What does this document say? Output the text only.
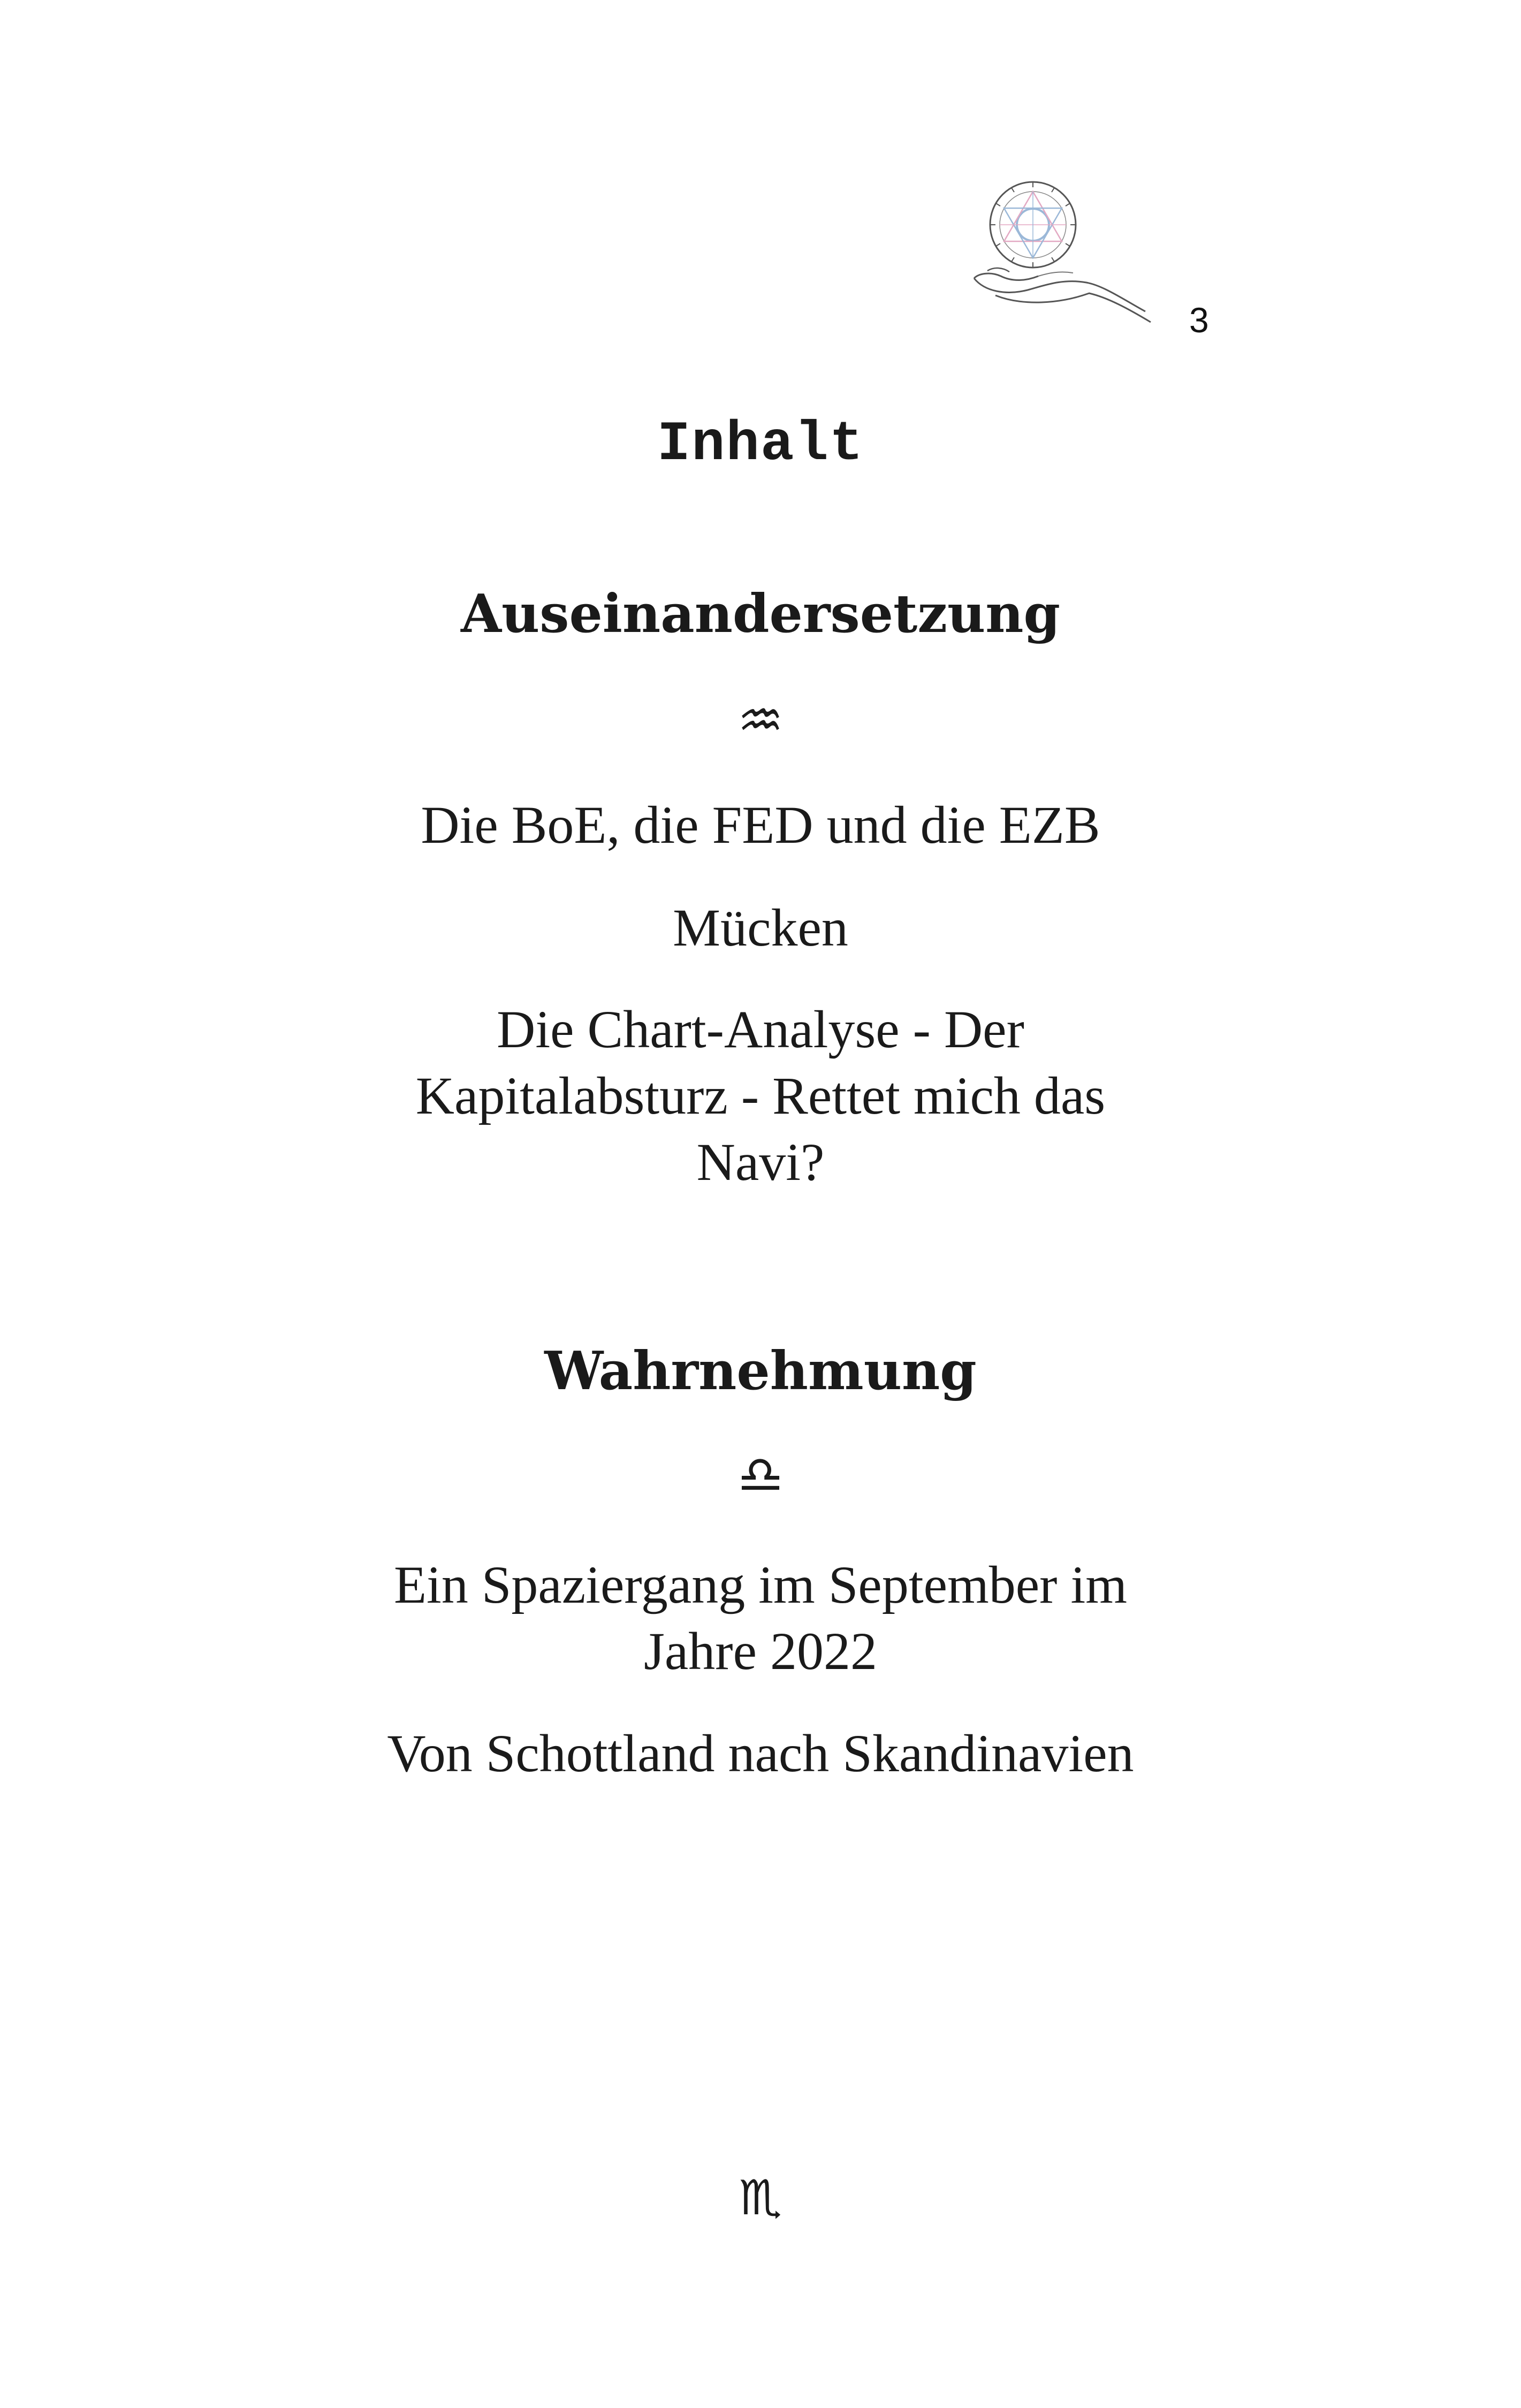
3
Inhalt
Auseinandersetzung
♒
Die BoE, die FED und die EZB
Mücken
Die Chart-Analyse - Der Kapitalabsturz - Rettet mich das Navi?
Wahrnehmung
♎
Ein Spaziergang im September im Jahre 2022
Von Schottland nach Skandinavien
♏
